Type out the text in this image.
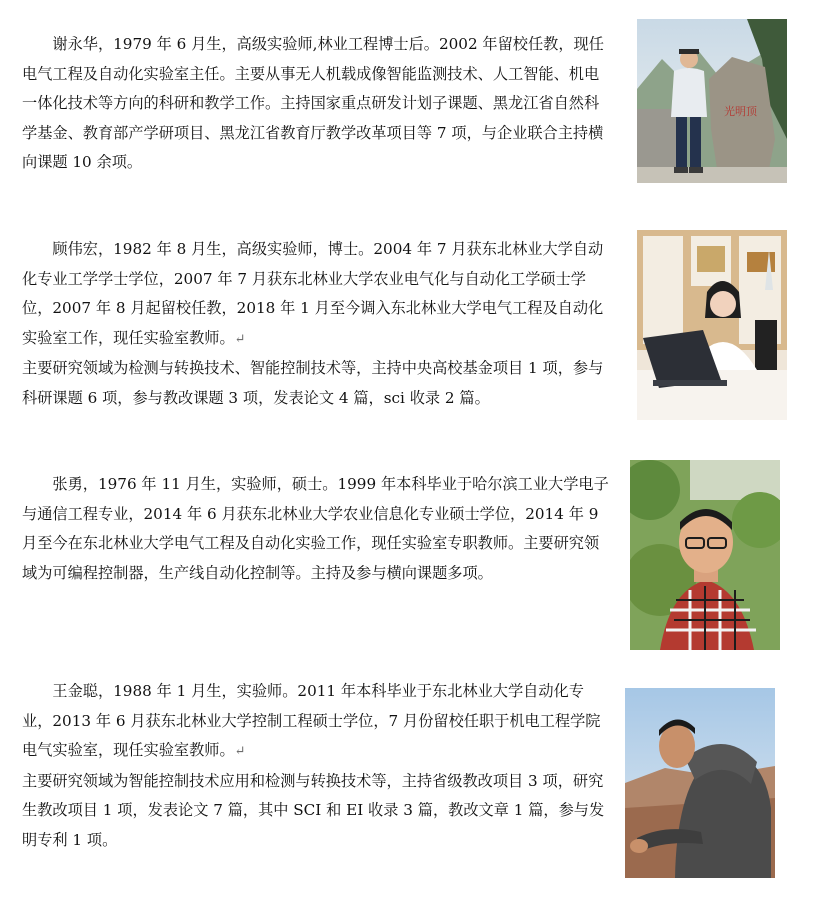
谢永华，1979 年 6 月生，高级实验师,林业工程博士后。2002 年留校任教，现任电气工程及自动化实验室主任。主要从事无人机载成像智能监测技术、人工智能、机电一体化技术等方向的科研和教学工作。主持国家重点研发计划子课题、黑龙江省自然科学基金、教育部产学研项目、黑龙江省教育厅教学改革项目等 7 项，与企业联合主持横向课题 10 余项。

光明顶

顾伟宏，1982 年 8 月生，高级实验师，博士。2004 年 7 月获东北林业大学自动化专业工学学士学位，2007 年 7 月获东北林业大学农业电气化与自动化工学硕士学位，2007 年 8 月起留校任教，2018 年 1 月至今调入东北林业大学电气工程及自动化实验室工作，现任实验室教师。↵

主要研究领域为检测与转换技术、智能控制技术等，主持中央高校基金项目 1 项，参与科研课题 6 项，参与教改课题 3 项，发表论文 4 篇，sci 收录 2 篇。

张勇，1976 年 11 月生，实验师，硕士。1999 年本科毕业于哈尔滨工业大学电子与通信工程专业，2014 年 6 月获东北林业大学农业信息化专业硕士学位，2014 年 9 月至今在东北林业大学电气工程及自动化实验工作，现任实验室专职教师。主要研究领域为可编程控制器，生产线自动化控制等。主持及参与横向课题多项。

王金聪，1988 年 1 月生，实验师。2011 年本科毕业于东北林业大学自动化专业，2013 年 6 月获东北林业大学控制工程硕士学位，7 月份留校任职于机电工程学院电气实验室，现任实验室教师。↵

主要研究领域为智能控制技术应用和检测与转换技术等，主持省级教改项目 3 项，研究生教改项目 1 项，发表论文 7 篇，其中 SCI 和 EI 收录 3 篇，教改文章 1 篇，参与发明专利 1 项。
